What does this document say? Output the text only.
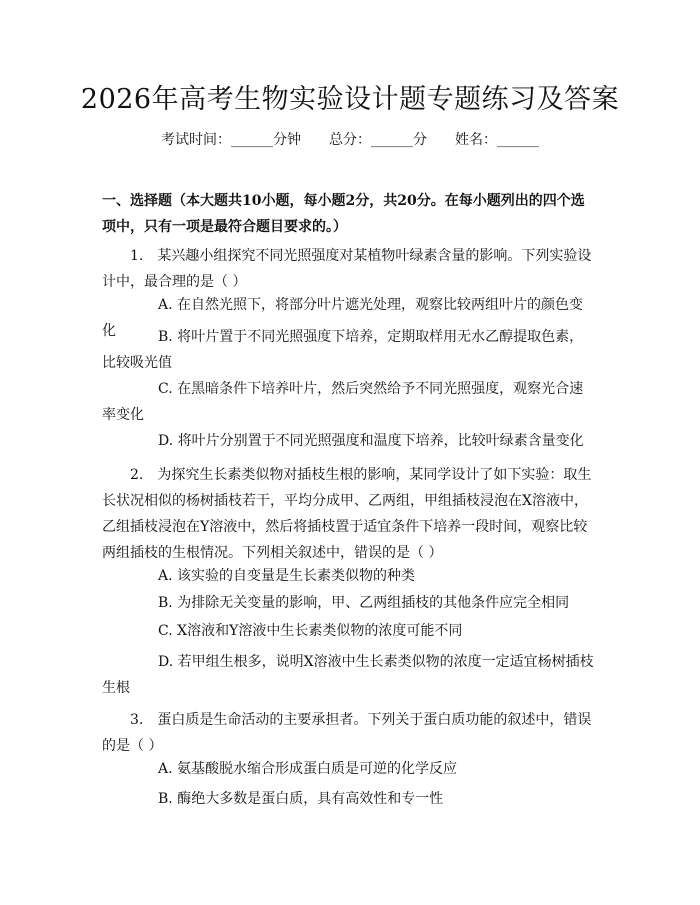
2026年高考生物实验设计题专题练习及答案
考试时间：______分钟 总分：______分 姓名：______
一、选择题（本大题共10小题，每小题2分，共20分。在每小题列出的四个选项中，只有一项是最符合题目要求的。）
1.　某兴趣小组探究不同光照强度对某植物叶绿素含量的影响。下列实验设计中，最合理的是（ ）
A. 在自然光照下，将部分叶片遮光处理，观察比较两组叶片的颜色变化	B. 将叶片置于不同光照强度下培养，定期取样用无水乙醇提取色素，比较吸光值
C. 在黑暗条件下培养叶片，然后突然给予不同光照强度，观察光合速率变化
D. 将叶片分别置于不同光照强度和温度下培养，比较叶绿素含量变化
2.　为探究生长素类似物对插枝生根的影响，某同学设计了如下实验：取生长状况相似的杨树插枝若干，平均分成甲、乙两组，甲组插枝浸泡在X溶液中，乙组插枝浸泡在Y溶液中，然后将插枝置于适宜条件下培养一段时间，观察比较两组插枝的生根情况。下列相关叙述中，错误的是（ ）
A. 该实验的自变量是生长素类似物的种类
B. 为排除无关变量的影响，甲、乙两组插枝的其他条件应完全相同
C. X溶液和Y溶液中生长素类似物的浓度可能不同
D. 若甲组生根多，说明X溶液中生长素类似物的浓度一定适宜杨树插枝生根
3.　蛋白质是生命活动的主要承担者。下列关于蛋白质功能的叙述中，错误的是（ ）
A. 氨基酸脱水缩合形成蛋白质是可逆的化学反应
B. 酶绝大多数是蛋白质，具有高效性和专一性
